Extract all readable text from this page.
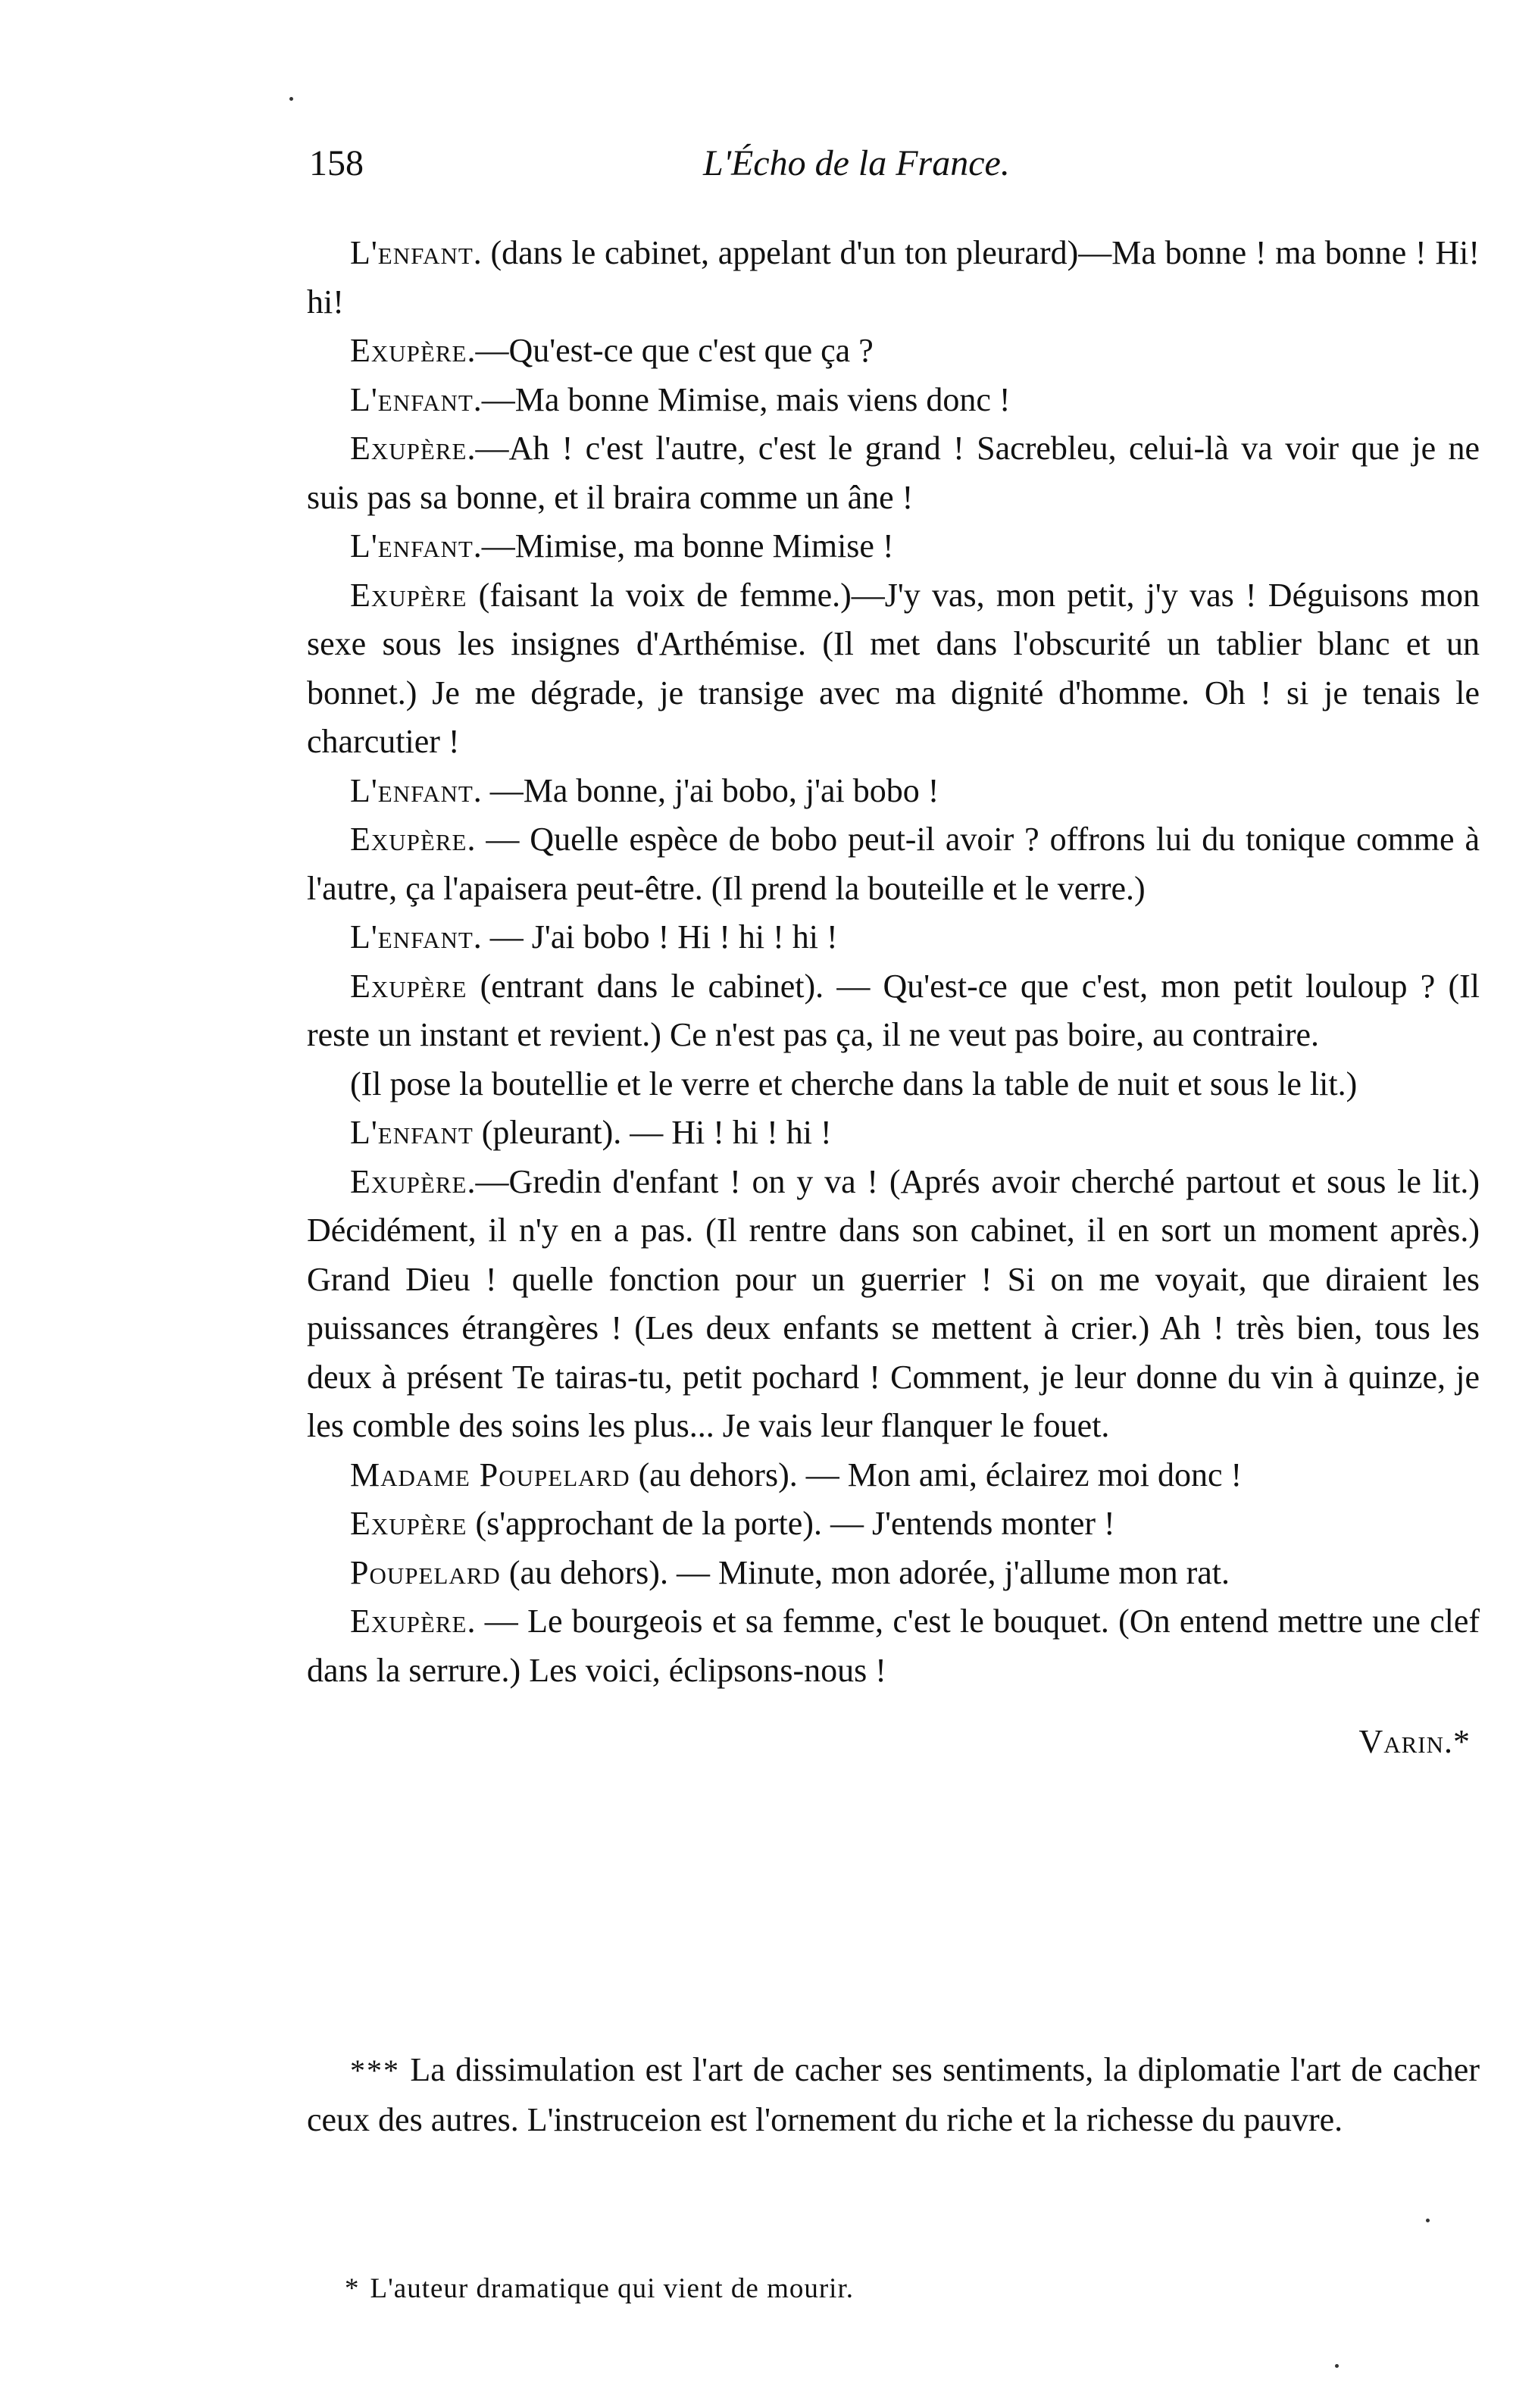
158	L'Écho de la France.

L'enfant. (dans le cabinet, appelant d'un ton pleurard)—Ma bonne ! ma bonne ! Hi! hi!

Exupère.—Qu'est-ce que c'est que ça ?

L'enfant.—Ma bonne Mimise, mais viens donc !

Exupère.—Ah ! c'est l'autre, c'est le grand ! Sacrebleu, celui-là va voir que je ne suis pas sa bonne, et il braira comme un âne !

L'enfant.—Mimise, ma bonne Mimise !

Exupère (faisant la voix de femme.)—J'y vas, mon petit, j'y vas ! Déguisons mon sexe sous les insignes d'Arthémise. (Il met dans l'obscurité un tablier blanc et un bonnet.) Je me dégrade, je transige avec ma dignité d'homme. Oh ! si je tenais le charcutier !

L'enfant. —Ma bonne, j'ai bobo, j'ai bobo !

Exupère. — Quelle espèce de bobo peut-il avoir ? offrons lui du tonique comme à l'autre, ça l'apaisera peut-être. (Il prend la bouteille et le verre.)

L'enfant. — J'ai bobo ! Hi ! hi ! hi !

Exupère (entrant dans le cabinet). — Qu'est-ce que c'est, mon petit louloup ? (Il reste un instant et revient.) Ce n'est pas ça, il ne veut pas boire, au contraire.

(Il pose la boutellie et le verre et cherche dans la table de nuit et sous le lit.)

L'enfant (pleurant). — Hi ! hi ! hi !

Exupère.—Gredin d'enfant ! on y va ! (Aprés avoir cherché partout et sous le lit.) Décidément, il n'y en a pas. (Il rentre dans son cabinet, il en sort un moment après.) Grand Dieu ! quelle fonction pour un guerrier ! Si on me voyait, que diraient les puissances étrangères ! (Les deux enfants se mettent à crier.) Ah ! très bien, tous les deux à présent Te tairas-tu, petit pochard ! Comment, je leur donne du vin à quinze, je les comble des soins les plus... Je vais leur flanquer le fouet.

Madame Poupelard (au dehors). — Mon ami, éclairez moi donc !

Exupère (s'approchant de la porte). — J'entends monter !

Poupelard (au dehors). — Minute, mon adorée, j'allume mon rat.

Exupère. — Le bourgeois et sa femme, c'est le bouquet. (On entend mettre une clef dans la serrure.) Les voici, éclipsons-nous !

Varin.*

*** La dissimulation est l'art de cacher ses sentiments, la diplomatie l'art de cacher ceux des autres. L'instruceion est l'ornement du riche et la richesse du pauvre.

* L'auteur dramatique qui vient de mourir.
